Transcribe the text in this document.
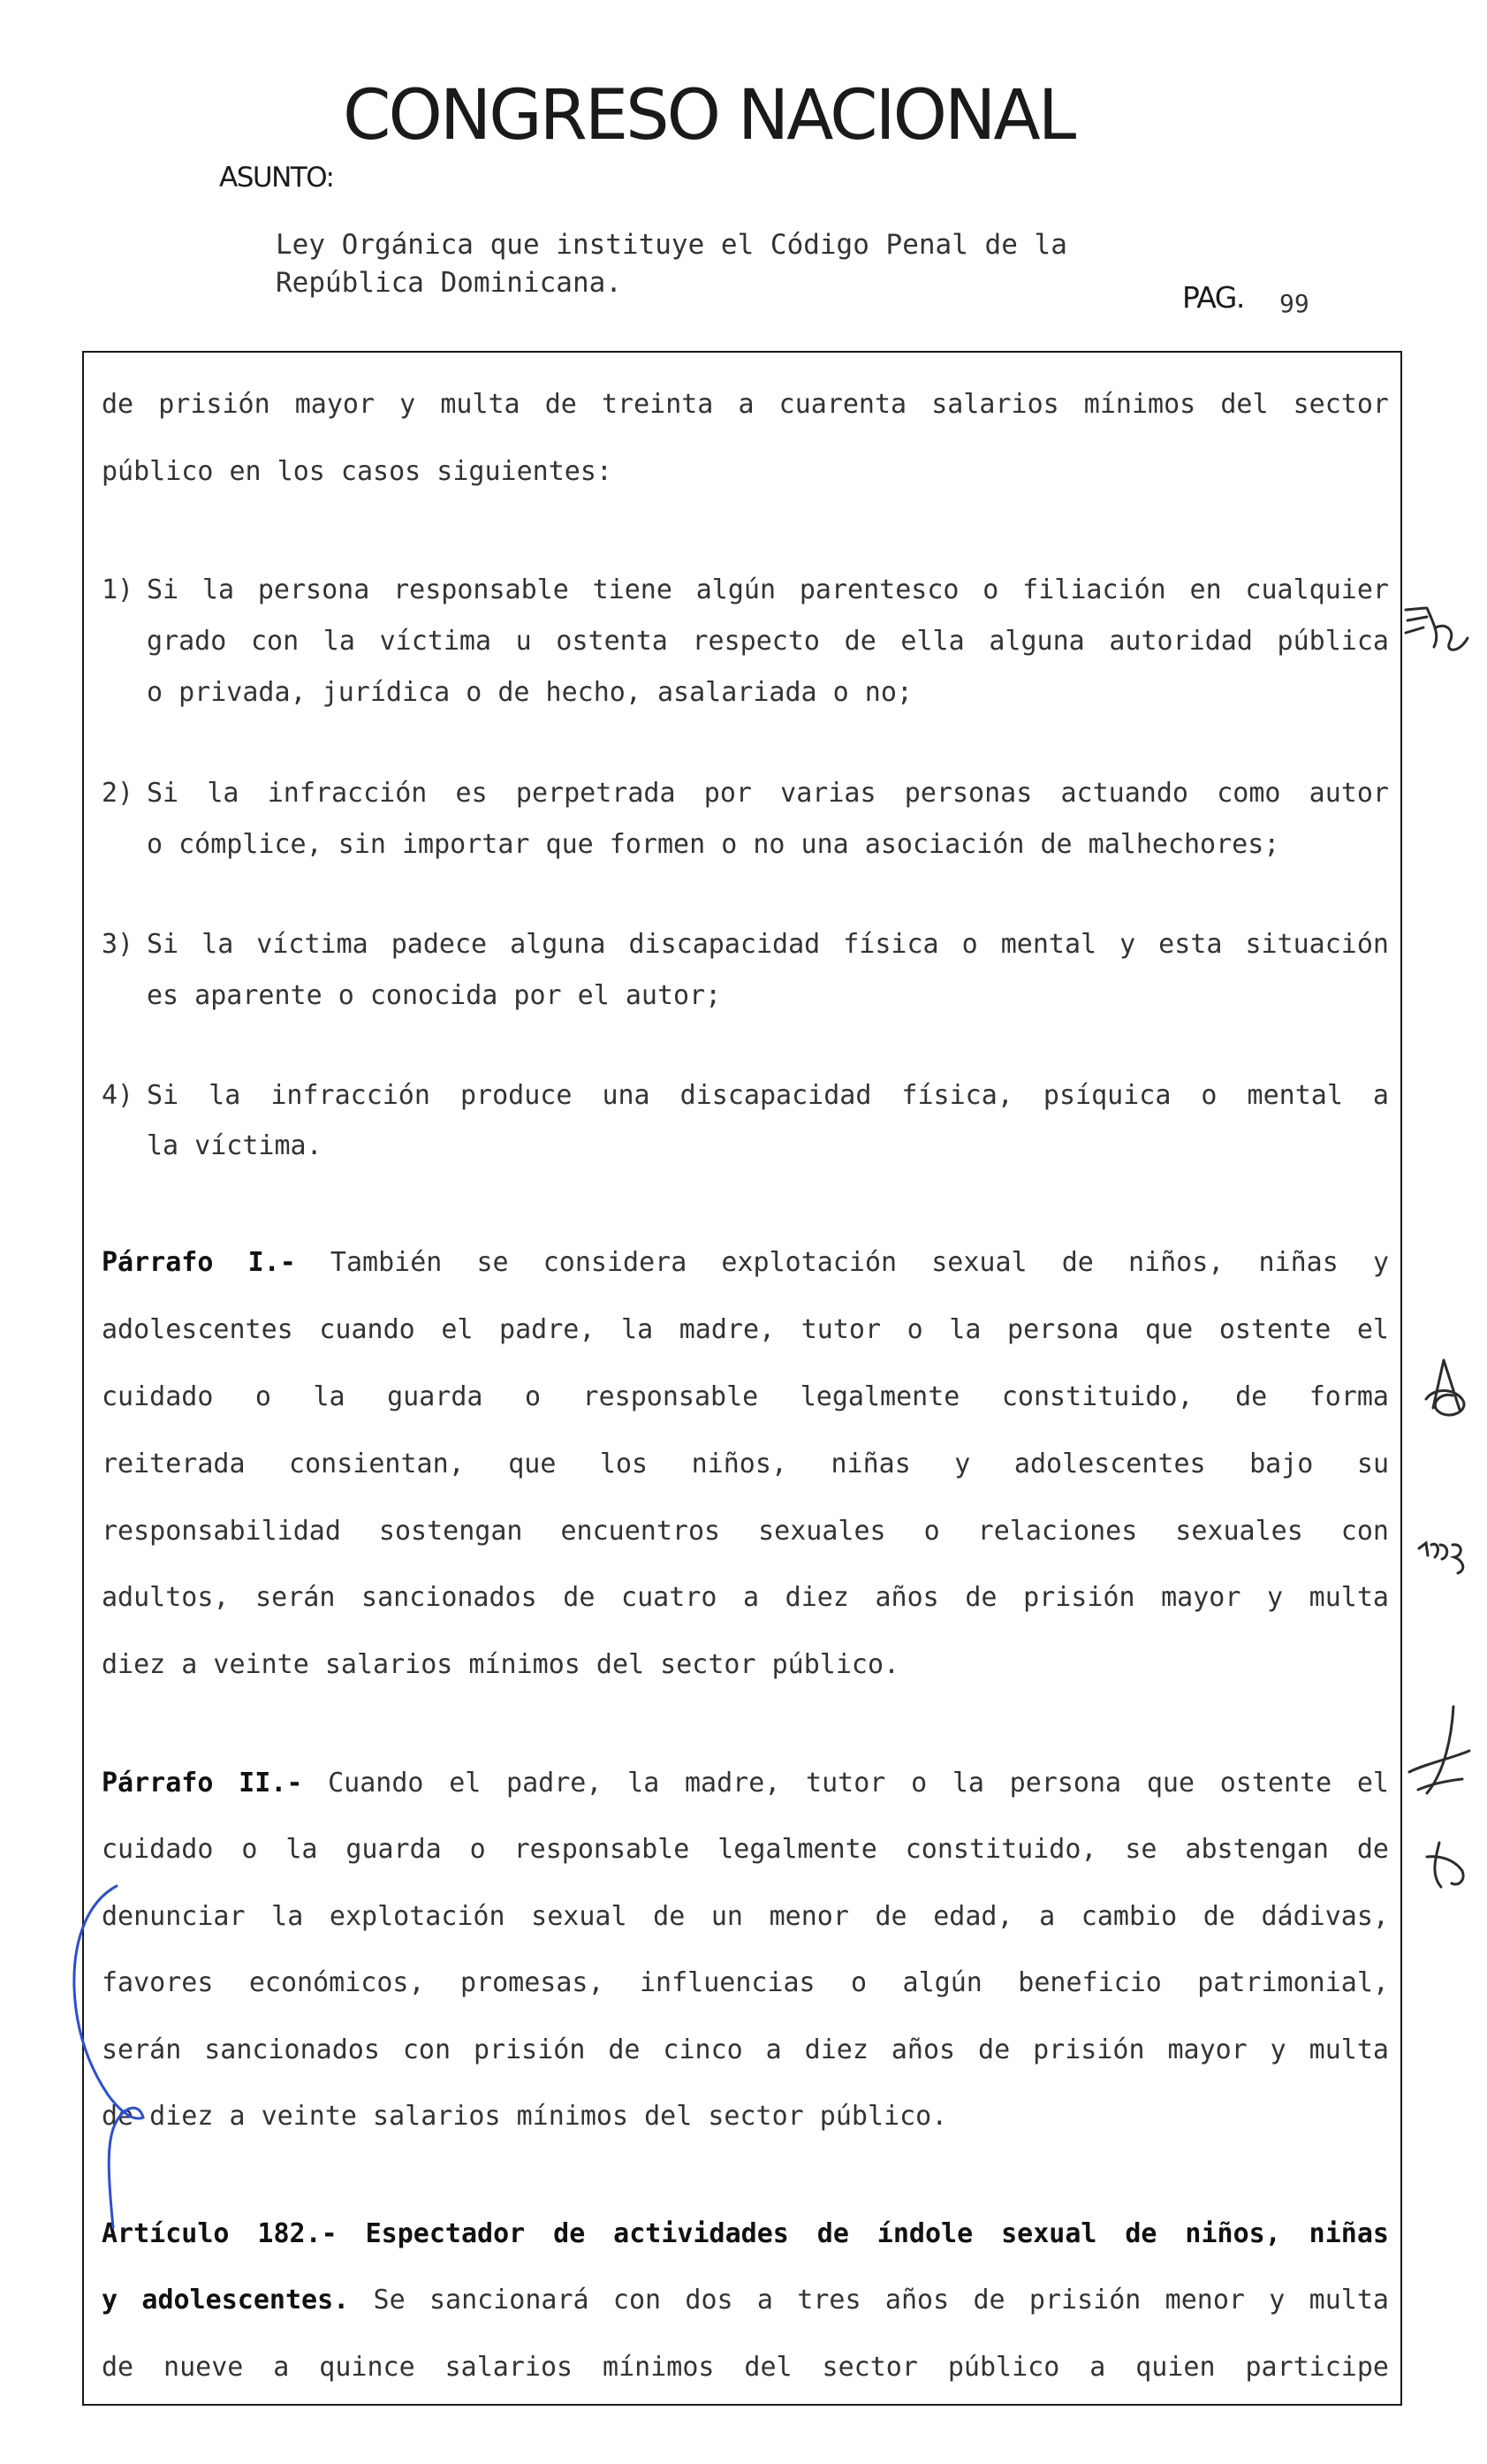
CONGRESO NACIONAL
ASUNTO:
Ley Orgánica que instituye el Código Penal de la
República Dominicana.	PAG. 99
de prisión mayor y multa de treinta a cuarenta salarios mínimos del sector
público en los casos siguientes:
1) Si la persona responsable tiene algún parentesco o filiación en cualquier
grado con la víctima u ostenta respecto de ella alguna autoridad pública
o privada, jurídica o de hecho, asalariada o no;
2) Si la infracción es perpetrada por varias personas actuando como autor
o cómplice, sin importar que formen o no una asociación de malhechores;
3) Si la víctima padece alguna discapacidad física o mental y esta situación
es aparente o conocida por el autor;
4) Si la infracción produce una discapacidad física, psíquica o mental a
la víctima.
Párrafo I.- También se considera explotación sexual de niños, niñas y
adolescentes cuando el padre, la madre, tutor o la persona que ostente el
cuidado o la guarda o responsable legalmente constituido, de forma
reiterada consientan, que los niños, niñas y adolescentes bajo su
responsabilidad sostengan encuentros sexuales o relaciones sexuales con
adultos, serán sancionados de cuatro a diez años de prisión mayor y multa
diez a veinte salarios mínimos del sector público.
Párrafo II.- Cuando el padre, la madre, tutor o la persona que ostente el
cuidado o la guarda o responsable legalmente constituido, se abstengan de
denunciar la explotación sexual de un menor de edad, a cambio de dádivas,
favores económicos, promesas, influencias o algún beneficio patrimonial,
serán sancionados con prisión de cinco a diez años de prisión mayor y multa
de diez a veinte salarios mínimos del sector público.
Artículo 182.- Espectador de actividades de índole sexual de niños, niñas
y adolescentes. Se sancionará con dos a tres años de prisión menor y multa
de nueve a quince salarios mínimos del sector público a quien participe
